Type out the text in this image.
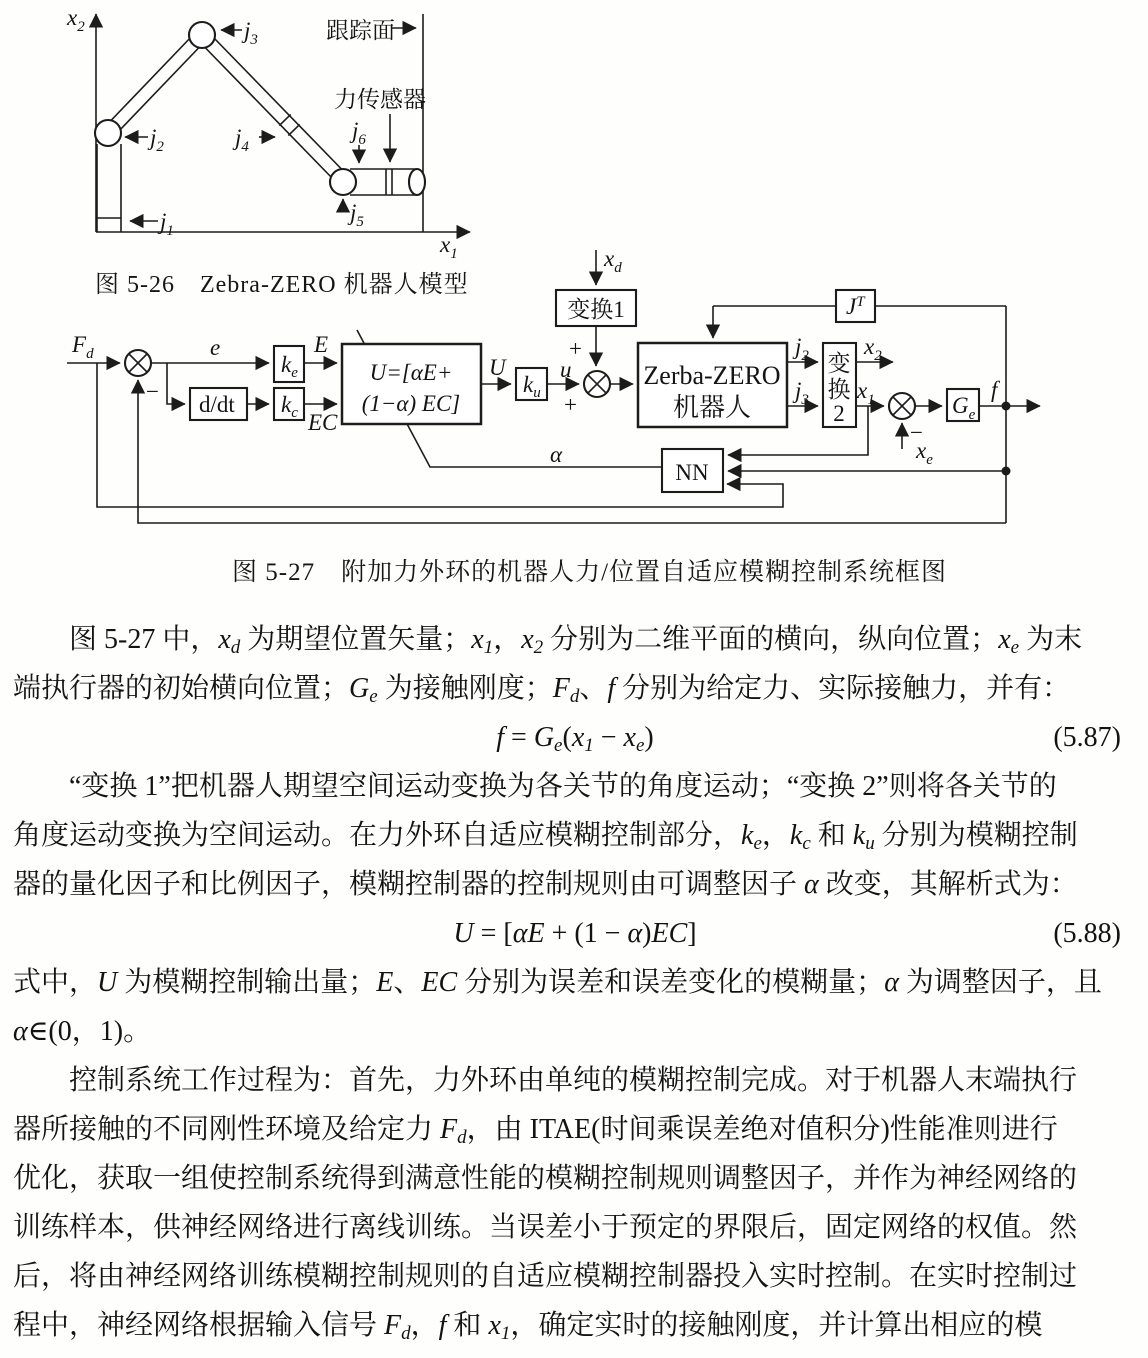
$x_2$
$x_1$
跟踪面
力传感器
$j_3$
$j_2$	$j_4$
$j_1$
$j_5$
$j_6$
图 5-26　Zebra-ZERO 机器人模型
$F_d$
−
e
$k_e$
E
d/dt $k_c$ EC
U=[αE+
(1−α) EC]
U
$k_u$
u
+
+
$x_d$
变换1
Zerba-ZERO
机器人
$J^T$
$j_2$
$j_3$
变
换
2
$x_2$
$x_1$
−
$x_e$
$G_e$
f
α
NN
图 5-27　附加力外环的机器人力/位置自适应模糊控制系统框图
图 5-27 中，xd 为期望位置矢量；x1，x2 分别为二维平面的横向，纵向位置；xe 为末
端执行器的初始横向位置；Ge 为接触刚度；Fd、f 分别为给定力、实际接触力，并有：
f = Ge(x1 − xe)	(5.87)
“变换 1”把机器人期望空间运动变换为各关节的角度运动；“变换 2”则将各关节的
角度运动变换为空间运动。在力外环自适应模糊控制部分，ke，kc 和 ku 分别为模糊控制
器的量化因子和比例因子，模糊控制器的控制规则由可调整因子 α 改变，其解析式为：
U = [αE + (1 − α)EC]	(5.88)
式中，U 为模糊控制输出量；E、EC 分别为误差和误差变化的模糊量；α 为调整因子，且
α∈(0，1)。
控制系统工作过程为：首先，力外环由单纯的模糊控制完成。对于机器人末端执行
器所接触的不同刚性环境及给定力 Fd，由 ITAE(时间乘误差绝对值积分)性能准则进行
优化，获取一组使控制系统得到满意性能的模糊控制规则调整因子，并作为神经网络的
训练样本，供神经网络进行离线训练。当误差小于预定的界限后，固定网络的权值。然
后，将由神经网络训练模糊控制规则的自适应模糊控制器投入实时控制。在实时控制过
程中，神经网络根据输入信号 Fd，f 和 x1，确定实时的接触刚度，并计算出相应的模
